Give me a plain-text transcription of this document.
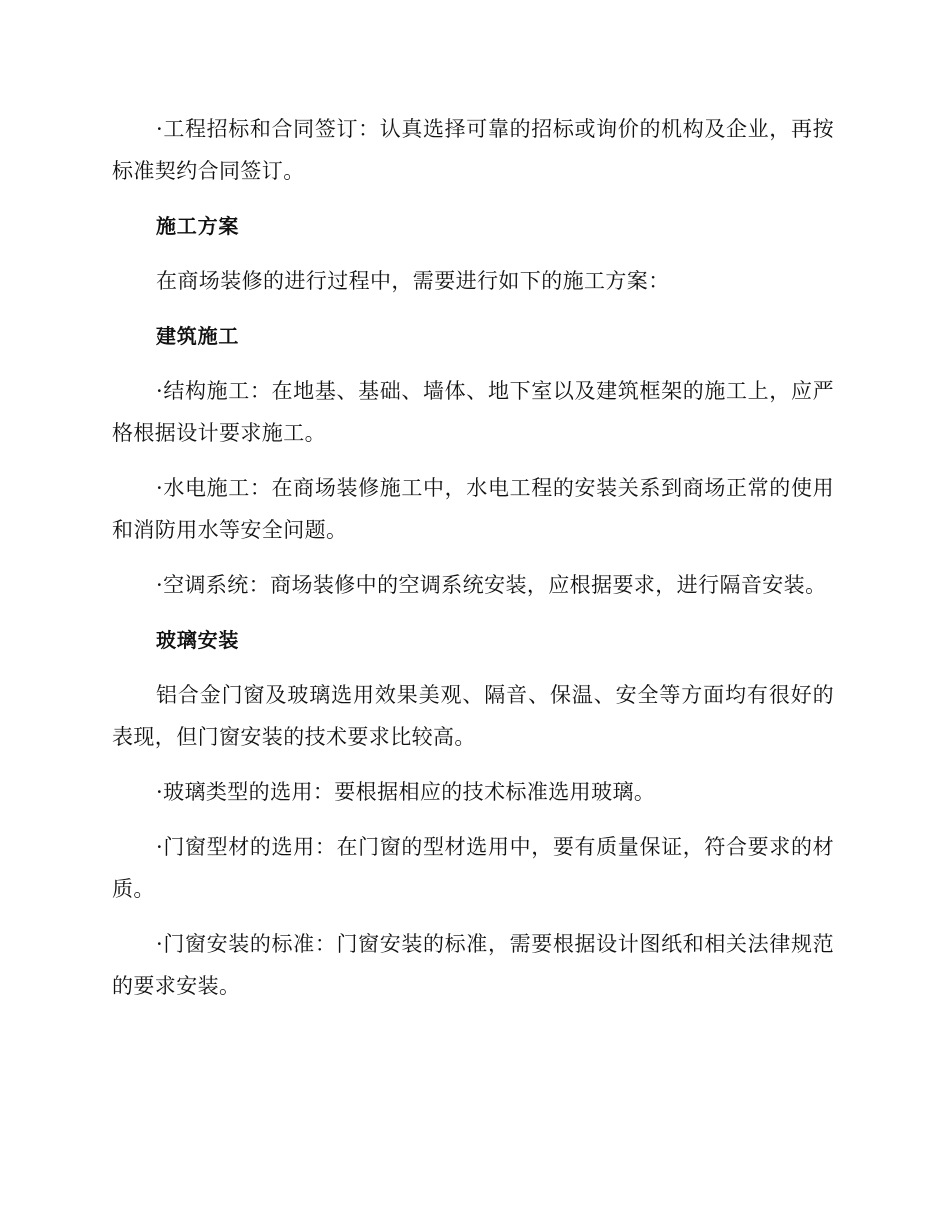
·工程招标和合同签订：认真选择可靠的招标或询价的机构及企业，再按标准契约合同签订。

施工方案

在商场装修的进行过程中，需要进行如下的施工方案：

建筑施工

·结构施工：在地基、基础、墙体、地下室以及建筑框架的施工上，应严格根据设计要求施工。

·水电施工：在商场装修施工中，水电工程的安装关系到商场正常的使用和消防用水等安全问题。

·空调系统：商场装修中的空调系统安装，应根据要求，进行隔音安装。

玻璃安装

铝合金门窗及玻璃选用效果美观、隔音、保温、安全等方面均有很好的表现，但门窗安装的技术要求比较高。

·玻璃类型的选用：要根据相应的技术标准选用玻璃。

·门窗型材的选用：在门窗的型材选用中，要有质量保证，符合要求的材质。

·门窗安装的标准：门窗安装的标准，需要根据设计图纸和相关法律规范的要求安装。
